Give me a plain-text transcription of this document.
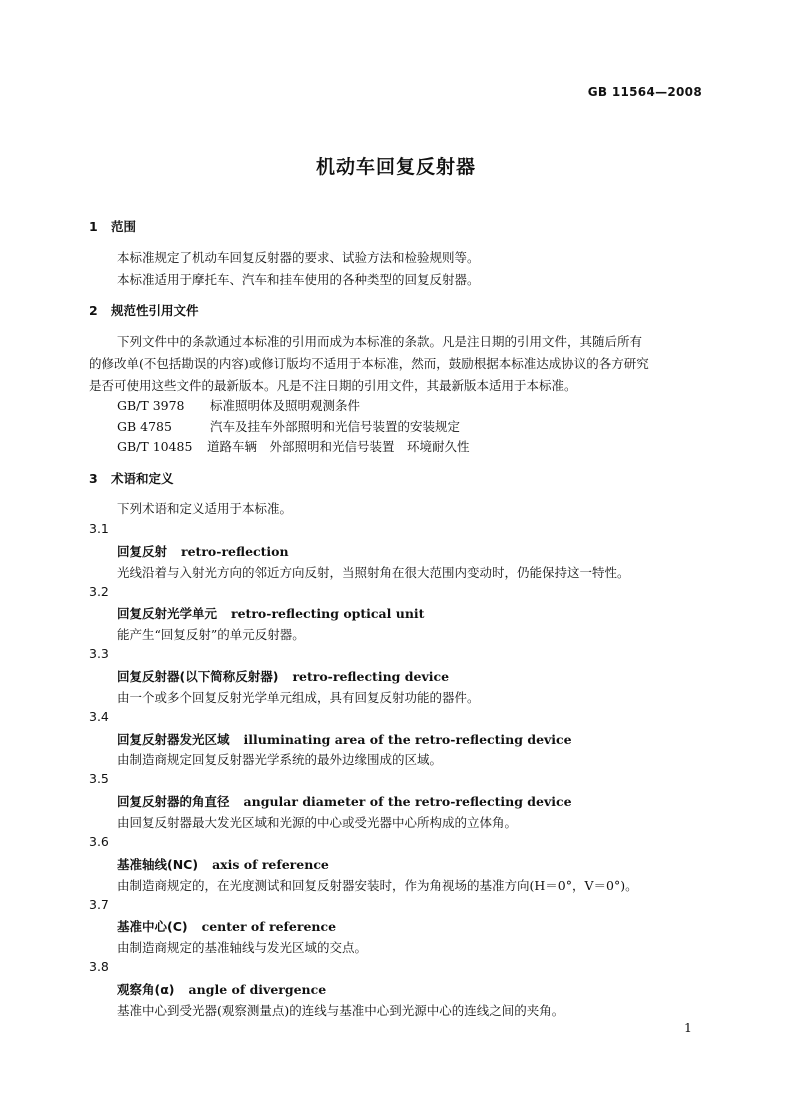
GB 11564—2008
机动车回复反射器
1 范围
本标准规定了机动车回复反射器的要求、试验方法和检验规则等。
本标准适用于摩托车、汽车和挂车使用的各种类型的回复反射器。
2 规范性引用文件
下列文件中的条款通过本标准的引用而成为本标准的条款。凡是注日期的引用文件，其随后所有
的修改单(不包括勘误的内容)或修订版均不适用于本标准，然而，鼓励根据本标准达成协议的各方研究
是否可使用这些文件的最新版本。凡是不注日期的引用文件，其最新版本适用于本标准。
GB/T 3978 标准照明体及照明观测条件
GB 4785	汽车及挂车外部照明和光信号装置的安装规定
GB/T 10485 道路车辆　外部照明和光信号装置　环境耐久性
3 术语和定义
下列术语和定义适用于本标准。
3.1
回复反射 retro-reflection
光线沿着与入射光方向的邻近方向反射，当照射角在很大范围内变动时，仍能保持这一特性。
3.2
回复反射光学单元 retro-reflecting optical unit
能产生“回复反射”的单元反射器。
3.3
回复反射器(以下简称反射器) retro-reflecting device
由一个或多个回复反射光学单元组成，具有回复反射功能的器件。
3.4
回复反射器发光区域 illuminating area of the retro-reflecting device
由制造商规定回复反射器光学系统的最外边缘围成的区域。
3.5
回复反射器的角直径 angular diameter of the retro-reflecting device
由回复反射器最大发光区域和光源的中心或受光器中心所构成的立体角。
3.6
基准轴线(NC) axis of reference
由制造商规定的，在光度测试和回复反射器安装时，作为角视场的基准方向(H＝0°，V＝0°)。
3.7
基准中心(C) center of reference
由制造商规定的基准轴线与发光区域的交点。
3.8
观察角(α) angle of divergence
基准中心到受光器(观察测量点)的连线与基准中心到光源中心的连线之间的夹角。
1
